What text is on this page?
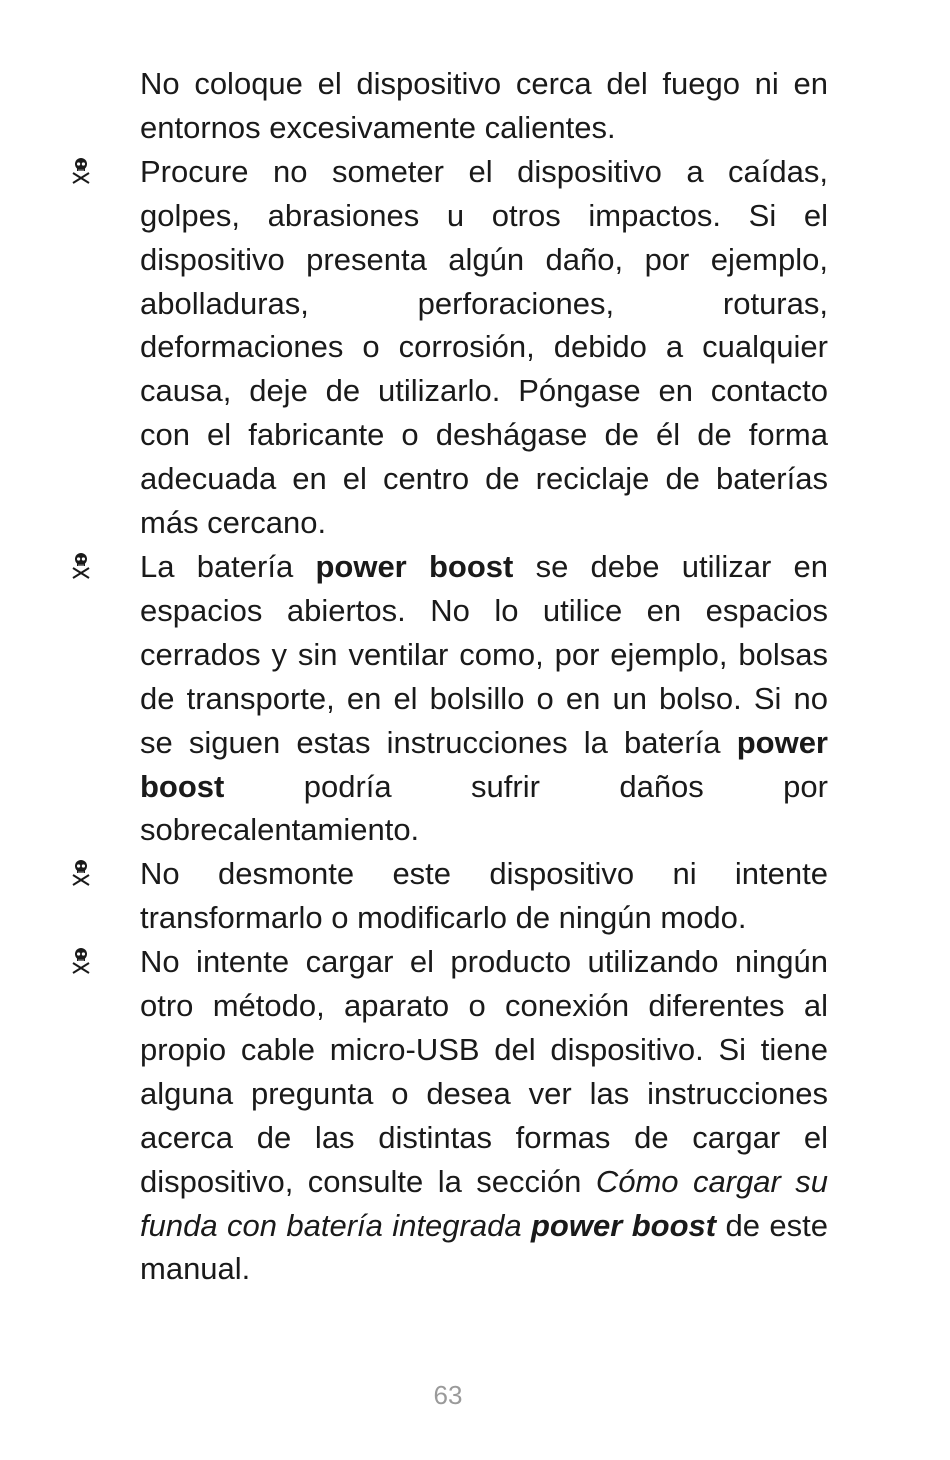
No coloque el dispositivo cerca del fuego ni en entornos excesivamente calientes.

Procure no someter el dispositivo a caídas, golpes, abrasiones u otros impactos. Si el dispositivo presenta algún daño, por ejemplo, abolladuras, perforaciones, roturas, deformaciones o corrosión, debido a cualquier causa, deje de utilizarlo. Póngase en contacto con el fabricante o deshágase de él de forma adecuada en el centro de reciclaje de baterías más cercano.

La batería power boost se debe utilizar en espacios abiertos. No lo utilice en espacios cerrados y sin ventilar como, por ejemplo, bolsas de transporte, en el bolsillo o en un bolso. Si no se siguen estas instrucciones la batería power boost podría sufrir daños por sobrecalentamiento.

No desmonte este dispositivo ni intente transformarlo o modificarlo de ningún modo.

No intente cargar el producto utilizando ningún otro método, aparato o conexión diferentes al propio cable micro-USB del dispositivo. Si tiene alguna pregunta o desea ver las instrucciones acerca de las distintas formas de cargar el dispositivo, consulte la sección Cómo cargar su funda con batería integrada power boost de este manual.

63
